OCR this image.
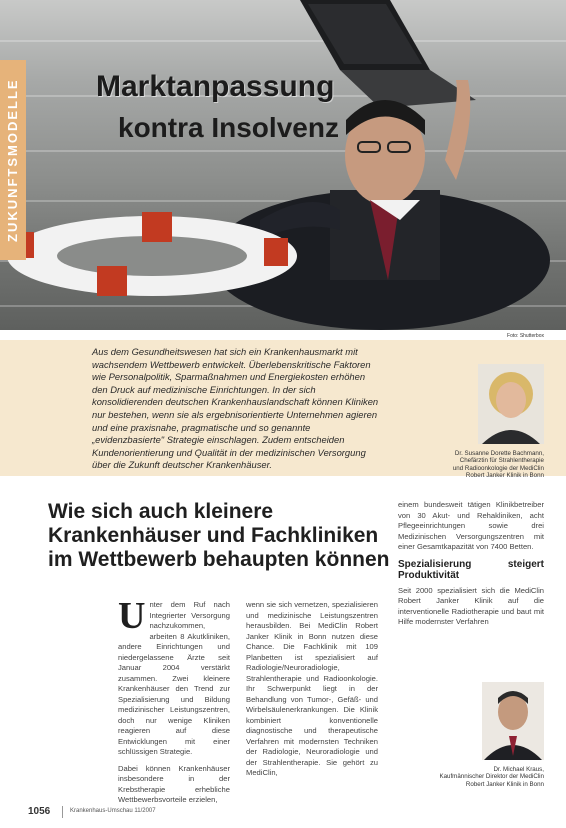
ZUKUNFTSMODELLE	Marktanpassung
kontra Insolvenz
Foto: Shutterbox
Aus dem Gesundheitswesen hat sich ein Krankenhausmarkt mit wachsendem Wettbewerb entwickelt. Überlebenskritische Faktoren wie Personalpolitik, Sparmaßnahmen und Energiekosten erhöhen den Druck auf medizinische Einrichtungen. In der sich konsolidierenden deutschen Krankenhauslandschaft können Kliniken nur bestehen, wenn sie als ergebnisorientierte Unternehmen agieren und eine praxisnahe, pragmatische und so genannte „evidenzbasierte" Strategie einschlagen. Zudem entscheiden Kundenorientierung und Qualität in der medizinischen Versorgung über die Zukunft deutscher Krankenhäuser.
Dr. Susanne Dorette Bachmann,
Chefärztin für Strahlentherapie
und Radioonkologie der MediClin
Robert Janker Klinik in Bonn
Wie sich auch kleinere Krankenhäuser und Fachkliniken im Wettbewerb behaupten können

Unter dem Ruf nach Integrierter Versorgung nachzukommen, arbeiten 8 Akutkliniken, andere Einrichtungen und niedergelassene Ärzte seit Januar 2004 verstärkt zusammen. Zwei kleinere Krankenhäuser den Trend zur Spezialisierung und Bildung medizinischer Leistungszentren, doch nur wenige Kliniken reagieren auf diese Entwicklungen mit einer schlüssigen Strategie.

Dabei können Krankenhäuser insbesondere in der Krebstherapie erhebliche Wettbewerbsvorteile erzielen,

wenn sie sich vernetzen, spezialisieren und medizinische Leistungszentren herausbilden. Bei MediClin Robert Janker Klinik in Bonn nutzen diese Chance. Die Fachklinik mit 109 Planbetten ist spezialisiert auf Radiologie/Neuroradiologie, Strahlentherapie und Radioonkologie. Ihr Schwerpunkt liegt in der Behandlung von Tumor-, Gefäß- und Wirbelsäulenerkrankungen. Die Klinik kombiniert konventionelle diagnostische und therapeutische Verfahren mit modernsten Techniken der Radiologie, Neuroradiologie und der Strahlentherapie. Sie gehört zu MediClin,

einem bundesweit tätigen Klinikbetreiber von 30 Akut- und Rehakliniken, acht Pflegeeinrichtungen sowie drei Medizinischen Versorgungszentren mit einer Gesamtkapazität von 7400 Betten.

Spezialisierung steigert Produktivität

Seit 2000 spezialisiert sich die MediClin Robert Janker Klinik auf die interventionelle Radiotherapie und baut mit Hilfe modernster Verfahren

Dr. Michael Kraus,
Kaufmännischer Direktor der MediClin
Robert Janker Klinik in Bonn
1056	Krankenhaus-Umschau 11/2007
